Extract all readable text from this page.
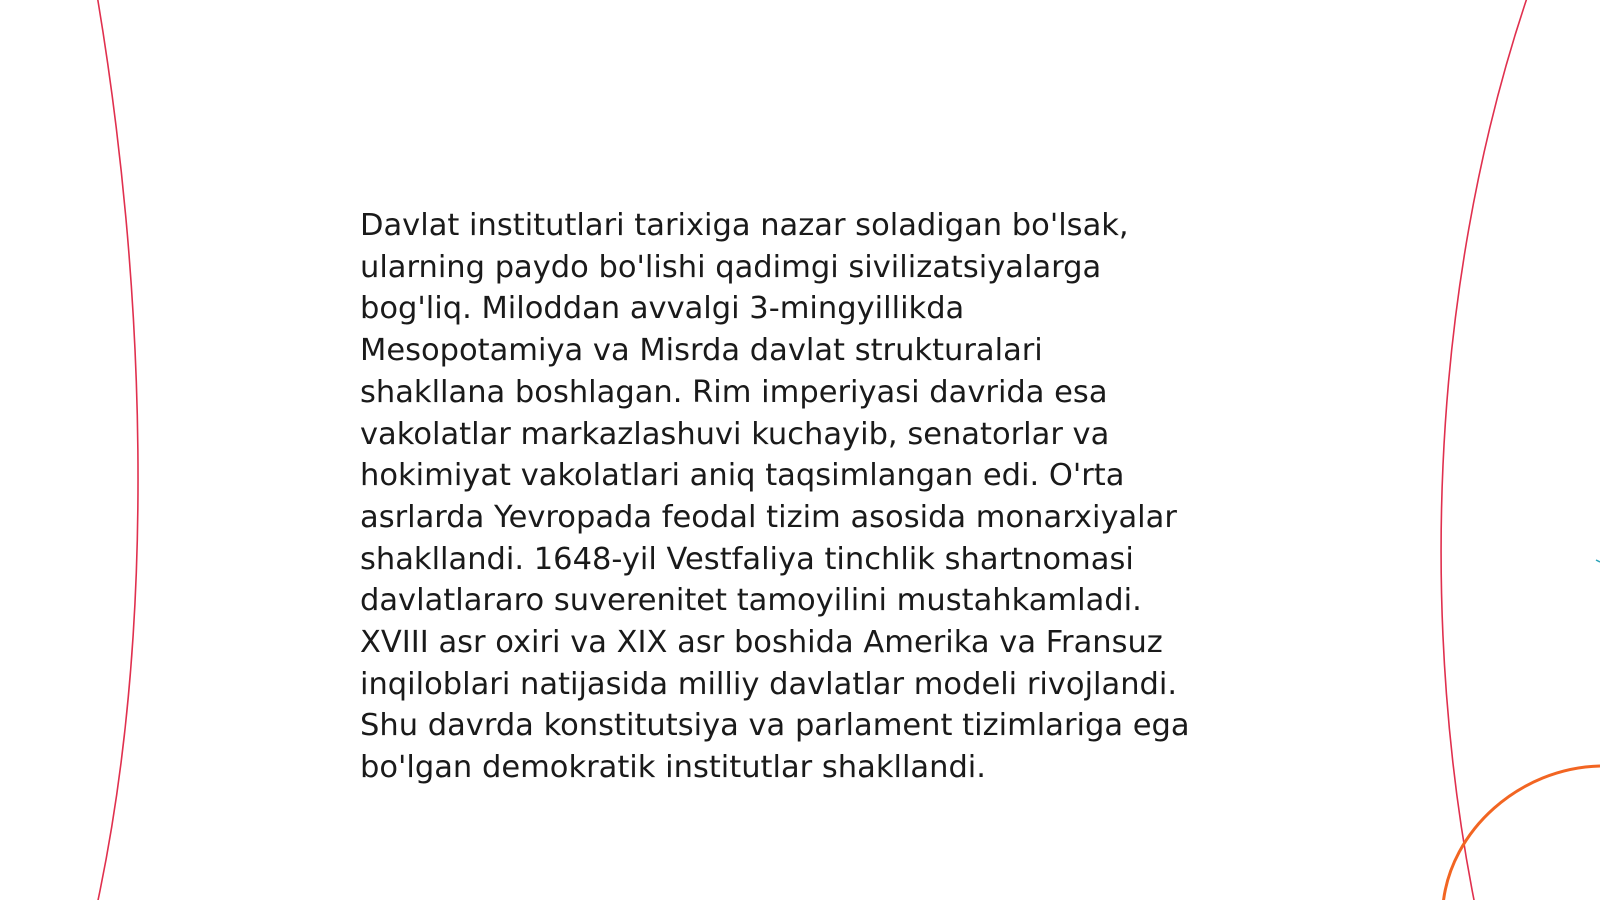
Davlat institutlari tarixiga nazar soladigan bo'lsak,
ularning paydo bo'lishi qadimgi sivilizatsiyalarga
bog'liq. Miloddan avvalgi 3-mingyillikda
Mesopotamiya va Misrda davlat strukturalari
shakllana boshlagan. Rim imperiyasi davrida esa
vakolatlar markazlashuvi kuchayib, senatorlar va
hokimiyat vakolatlari aniq taqsimlangan edi. O'rta
asrlarda Yevropada feodal tizim asosida monarxiyalar
shakllandi. 1648-yil Vestfaliya tinchlik shartnomasi
davlatlararo suverenitet tamoyilini mustahkamladi.
XVIII asr oxiri va XIX asr boshida Amerika va Fransuz
inqiloblari natijasida milliy davlatlar modeli rivojlandi.
Shu davrda konstitutsiya va parlament tizimlariga ega
bo'lgan demokratik institutlar shakllandi.
